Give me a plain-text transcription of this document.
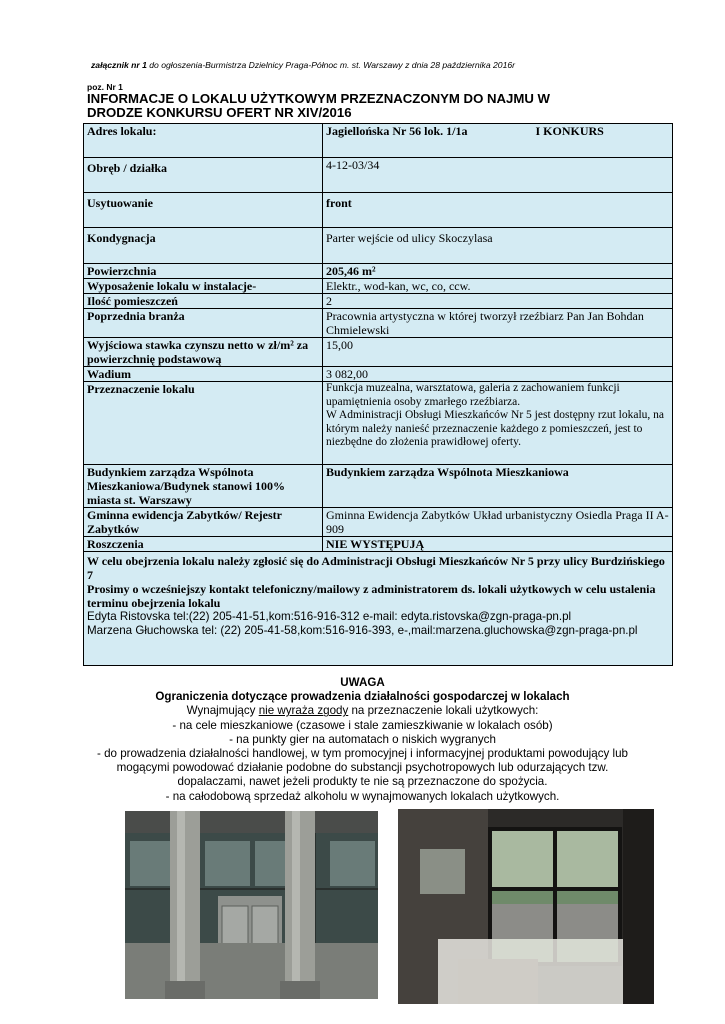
załącznik nr 1 do ogłoszenia-Burmistrza Dzielnicy Praga-Północ m. st. Warszawy z dnia 28 października 2016r
poz. Nr 1
INFORMACJE O LOKALU UŻYTKOWYM PRZEZNACZONYM DO NAJMU W
DRODZE KONKURSU OFERT NR XIV/2016
Adres lokalu:	Jagiellońska Nr 56 lok. 1/1a I KONKURS

Obręb / działka	4-12-03/34
Usytuowanie	front
Kondygnacja	Parter wejście od ulicy Skoczylasa
Powierzchnia	205,46 m²
Wyposażenie lokalu w instalacje-	Elektr., wod-kan, wc, co, ccw.
Ilość pomieszczeń	2
Poprzednia branża	Pracownia artystyczna w której tworzył rzeźbiarz Pan Jan Bohdan Chmielewski
Wyjściowa stawka czynszu netto w zł/m² za powierzchnię podstawową	15,00
Wadium	3 082,00
Przeznaczenie lokalu	Funkcja muzealna, warsztatowa, galeria z zachowaniem funkcji upamiętnienia osoby zmarłego rzeźbiarza.
W Administracji Obsługi Mieszkańców Nr 5 jest dostępny rzut lokalu, na którym należy nanieść przeznaczenie każdego z pomieszczeń, jest to niezbędne do złożenia prawidłowej oferty.

Budynkiem zarządza Wspólnota Mieszkaniowa/Budynek stanowi 100% miasta st. Warszawy	Budynkiem zarządza Wspólnota Mieszkaniowa
Gminna ewidencja Zabytków/ Rejestr Zabytków	Gminna Ewidencja Zabytków Układ urbanistyczny Osiedla Praga II A-909
Roszczenia	NIE WYSTĘPUJĄ

W celu obejrzenia lokalu należy zgłosić się do Administracji Obsługi Mieszkańców Nr 5 przy ulicy Burdzińskiego 7
Prosimy o wcześniejszy kontakt telefoniczny/mailowy z administratorem ds. lokali użytkowych w celu ustalenia terminu obejrzenia lokalu
Edyta Ristovska tel:(22) 205-41-51,kom:516-916-312 e-mail: edyta.ristovska@zgn-praga-pn.pl
Marzena Głuchowska tel: (22) 205-41-58,kom:516-916-393, e-,mail:marzena.gluchowska@zgn-praga-pn.pl	
UWAGA
Ograniczenia dotyczące prowadzenia działalności gospodarczej w lokalach
Wynajmujący nie wyraża zgody na przeznaczenie lokali użytkowych:
- na cele mieszkaniowe (czasowe i stale zamieszkiwanie w lokalach osób)
- na punkty gier na automatach o niskich wygranych
- do prowadzenia działalności handlowej, w tym promocyjnej i informacyjnej produktami powodujący lub mogącymi powodować działanie podobne do substancji psychotropowych lub odurzających tzw. dopalaczami, nawet jeżeli produkty te nie są przeznaczone do spożycia.
- na całodobową sprzedaż alkoholu w wynajmowanych lokalach użytkowych.
